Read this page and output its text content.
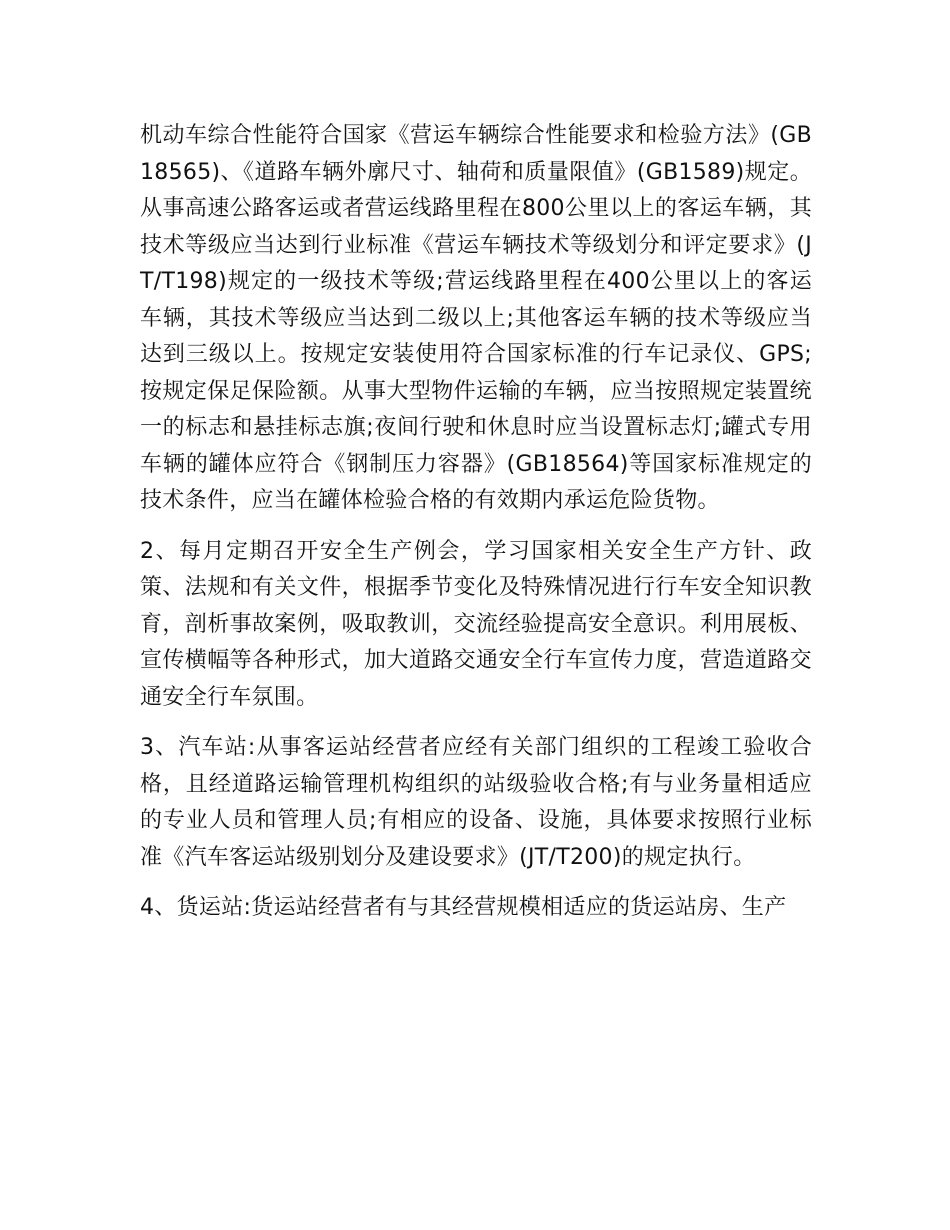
机动车综合性能符合国家《营运车辆综合性能要求和检验方法》(GB18565)、《道路车辆外廓尺寸、轴荷和质量限值》(GB1589)规定。从事高速公路客运或者营运线路里程在800公里以上的客运车辆，其技术等级应当达到行业标准《营运车辆技术等级划分和评定要求》(JT/T198)规定的一级技术等级;营运线路里程在400公里以上的客运车辆，其技术等级应当达到二级以上;其他客运车辆的技术等级应当达到三级以上。按规定安装使用符合国家标准的行车记录仪、GPS;按规定保足保险额。从事大型物件运输的车辆，应当按照规定装置统一的标志和悬挂标志旗;夜间行驶和休息时应当设置标志灯;罐式专用车辆的罐体应符合《钢制压力容器》(GB18564)等国家标准规定的技术条件，应当在罐体检验合格的有效期内承运危险货物。

2、每月定期召开安全生产例会，学习国家相关安全生产方针、政策、法规和有关文件，根据季节变化及特殊情况进行行车安全知识教育，剖析事故案例，吸取教训，交流经验提高安全意识。利用展板、宣传横幅等各种形式，加大道路交通安全行车宣传力度，营造道路交通安全行车氛围。

3、汽车站:从事客运站经营者应经有关部门组织的工程竣工验收合格，且经道路运输管理机构组织的站级验收合格;有与业务量相适应的专业人员和管理人员;有相应的设备、设施，具体要求按照行业标准《汽车客运站级别划分及建设要求》(JT/T200)的规定执行。

4、货运站:货运站经营者有与其经营规模相适应的货运站房、生产
